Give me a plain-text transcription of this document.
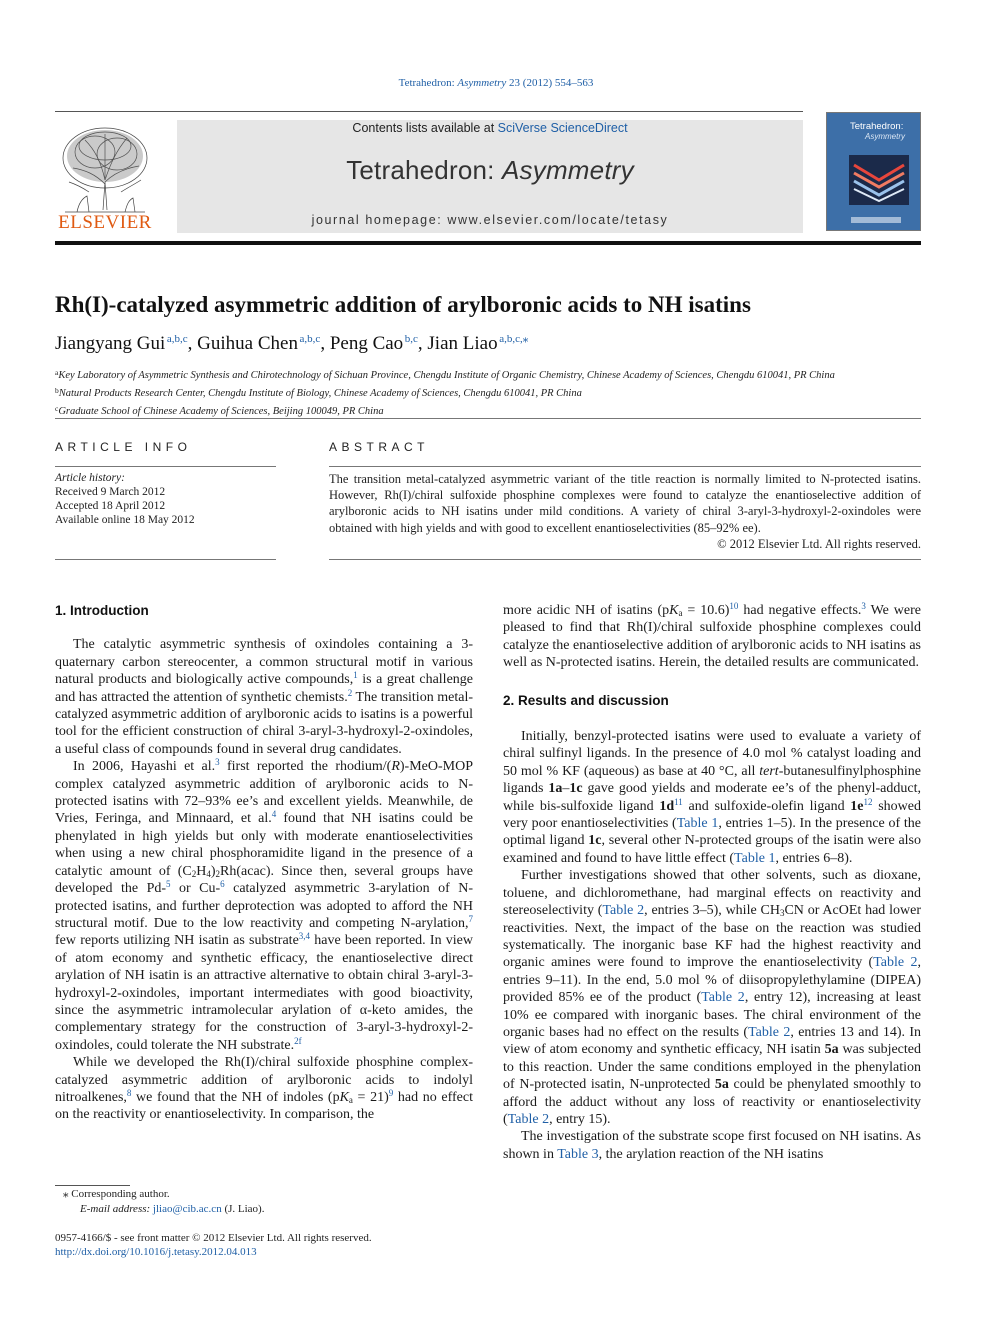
Tetrahedron: Asymmetry 23 (2012) 554–563
ELSEVIER
Contents lists available at SciVerse ScienceDirect
Tetrahedron: Asymmetry
journal homepage: www.elsevier.com/locate/tetasy
Tetrahedron:
Asymmetry
Rh(I)-catalyzed asymmetric addition of arylboronic acids to NH isatins
Jiangyang Gui  $^{a,b,c}$, Guihua Chen  $^{a,b,c}$, Peng Cao  $^{b,c}$, Jian Liao  $^{a,b,c,⁎}$
$^a$Key Laboratory of Asymmetric Synthesis and Chirotechnology of Sichuan Province, Chengdu Institute of Organic Chemistry, Chinese Academy of Sciences, Chengdu 610041, PR China
$^b$Natural Products Research Center, Chengdu Institute of Biology, Chinese Academy of Sciences, Chengdu 610041, PR China
$^c$Graduate School of Chinese Academy of Sciences, Beijing 100049, PR China
ARTICLE INFO
Article history:
Received 9 March 2012
Accepted 18 April 2012
Available online 18 May 2012
ABSTRACT
The transition metal-catalyzed asymmetric variant of the title reaction is normally limited to N-protected isatins. However, Rh(I)/chiral sulfoxide phosphine complexes were found to catalyze the enantioselective addition of arylboronic acids to NH isatins under mild conditions. A variety of chiral 3-aryl-3-hydroxyl-2-oxindoles were obtained with high yields and with good to excellent enantioselectivities (85–92% ee).
© 2012 Elsevier Ltd. All rights reserved.
1. Introduction

The catalytic asymmetric synthesis of oxindoles containing a 3-quaternary carbon stereocenter, a common structural motif in various natural products and biologically active compounds,$^1$ is a great challenge and has attracted the attention of synthetic chemists.$^2$ The transition metal-catalyzed asymmetric addition of arylboronic acids to isatins is a powerful tool for the efficient construction of chiral 3-aryl-3-hydroxyl-2-oxindoles, a useful class of compounds found in several drug candidates.

In 2006, Hayashi et al.$^3$ first reported the rhodium/(R)-MeO-MOP complex catalyzed asymmetric addition of arylboronic acids to N-protected isatins with 72–93% ee’s and excellent yields. Meanwhile, de Vries, Feringa, and Minnaard, et al.$^4$ found that NH isatins could be phenylated in high yields but only with moderate enantioselectivities when using a new chiral phosphoramidite ligand in the presence of a catalytic amount of $(C_2H_4)_2Rh(acac)$. Since then, several groups have developed the Pd-$^5$ or Cu-$^6$ catalyzed asymmetric 3-arylation of N-protected isatins, and further deprotection was adopted to afford the NH structural motif. Due to the low reactivity and competing N-arylation,$^7$ few reports utilizing NH isatin as substrate$^{3,4}$ have been reported. In view of atom economy and synthetic efficacy, the enantioselective direct arylation of NH isatin is an attractive alternative to obtain chiral 3-aryl-3-hydroxyl-2-oxindoles, important intermediates with good bioactivity, since the asymmetric intramolecular arylation of α-keto amides, the complementary strategy for the construction of 3-aryl-3-hydroxyl-2-oxindoles, could tolerate the NH substrate.$^{2f}$

While we developed the Rh(I)/chiral sulfoxide phosphine complex-catalyzed asymmetric addition of arylboronic acids to indolyl nitroalkenes,$^8$ we found that the NH of indoles $(pK_a = 21)^9$ had no effect on the reactivity or enantioselectivity. In comparison, the

more acidic NH of isatins $(pK_a = 10.6)^{10}$ had negative effects.$^3$ We were pleased to find that Rh(I)/chiral sulfoxide phosphine complexes could catalyze the enantioselective addition of arylboronic acids to NH isatins as well as N-protected isatins. Herein, the detailed results are communicated.

2. Results and discussion

Initially, benzyl-protected isatins were used to evaluate a variety of chiral sulfinyl ligands. In the presence of 4.0 mol % catalyst loading and 50 mol % KF (aqueous) as base at 40 °C, all tert-butanesulfinylphosphine ligands 1a–1c gave good yields and moderate ee’s of the phenyl-adduct, while bis-sulfoxide ligand $1d^{11}$ and sulfoxide-olefin ligand $1e^{12}$ showed very poor enantioselectivities (Table 1, entries 1–5). In the presence of the optimal ligand 1c, several other N-protected groups of the isatin were also examined and found to have little effect (Table 1, entries 6–8).

Further investigations showed that other solvents, such as dioxane, toluene, and dichloromethane, had marginal effects on reactivity and stereoselectivity (Table 2, entries 3–5), while $CH_3CN$ or AcOEt had lower reactivities. Next, the impact of the base on the reaction was studied systematically. The inorganic base KF had the highest reactivity and organic amines were found to improve the enantioselectivity (Table 2, entries 9–11). In the end, 5.0 mol % of diisopropylethylamine (DIPEA) provided 85% ee of the product (Table 2, entry 12), increasing at least 10% ee compared with inorganic bases. The chiral environment of the organic bases had no effect on the results (Table 2, entries 13 and 14). In view of atom economy and synthetic efficacy, NH isatin 5a was subjected to this reaction. Under the same conditions employed in the phenylation of N-protected isatin, N-unprotected 5a could be phenylated smoothly to afford the adduct without any loss of reactivity or enantioselectivity (Table 2, entry 15).

The investigation of the substrate scope first focused on NH isatins. As shown in Table 3, the arylation reaction of the NH isatins

⁎ Corresponding author.
E-mail address: jliao@cib.ac.cn (J. Liao).
0957-4166/$ - see front matter © 2012 Elsevier Ltd. All rights reserved.
http://dx.doi.org/10.1016/j.tetasy.2012.04.013
